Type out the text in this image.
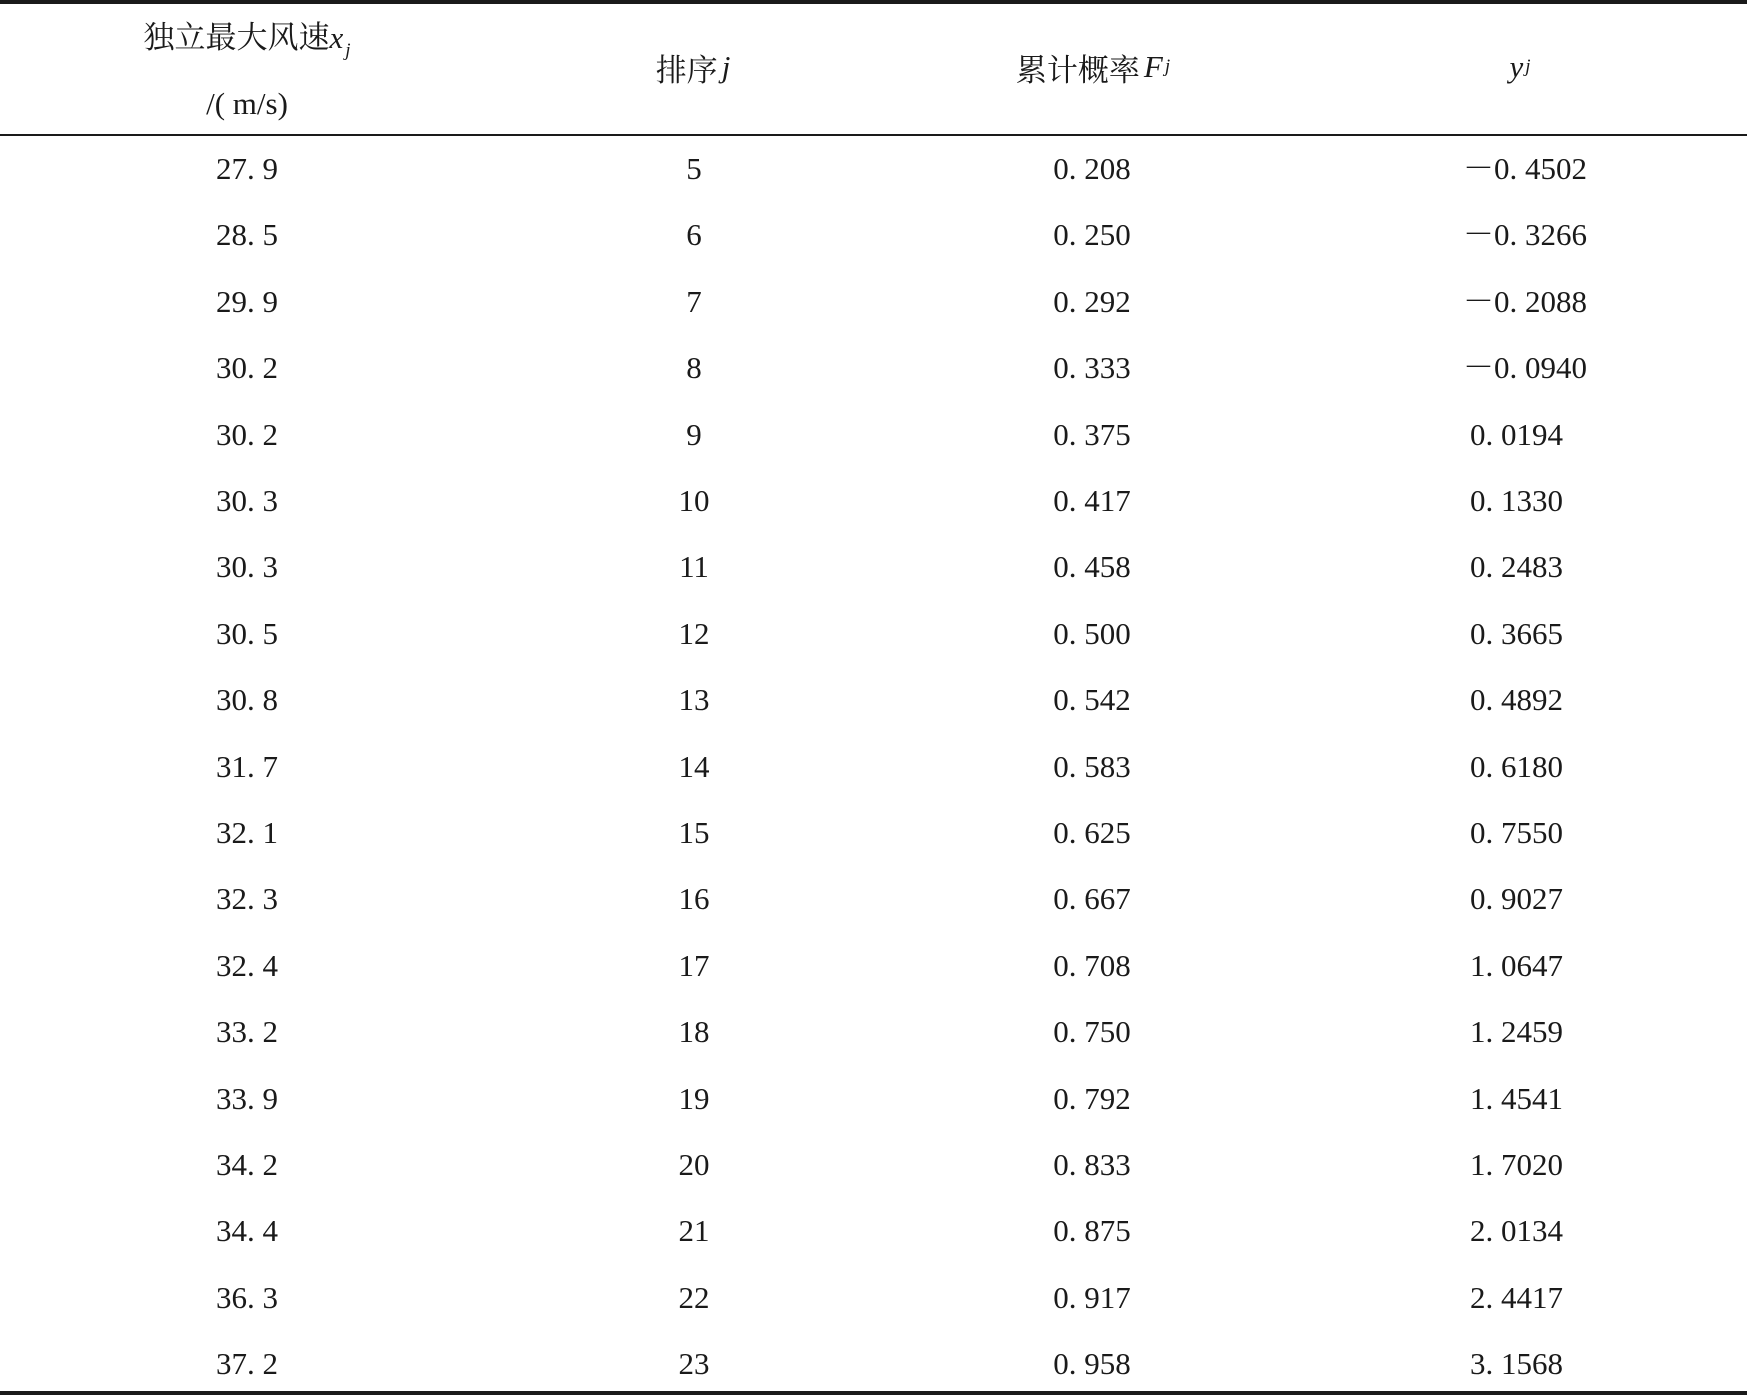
独立最大风速x $_j$
/( m/s)
排序 j	累计概率 F j	y j
27. 9	5	0. 208	－0. 4502
28. 5	6	0. 250	－0. 3266
29. 9	7	0. 292	－0. 2088
30. 2	8	0. 333	－0. 0940
30. 2	9	0. 375	0. 0194
30. 3	10	0. 417	0. 1330
30. 3	11	0. 458	0. 2483
30. 5	12	0. 500	0. 3665
30. 8	13	0. 542	0. 4892
31. 7	14	0. 583	0. 6180
32. 1	15	0. 625	0. 7550
32. 3	16	0. 667	0. 9027
32. 4	17	0. 708	1. 0647
33. 2	18	0. 750	1. 2459
33. 9	19	0. 792	1. 4541
34. 2	20	0. 833	1. 7020
34. 4	21	0. 875	2. 0134
36. 3	22	0. 917	2. 4417
37. 2	23	0. 958	3. 1568
